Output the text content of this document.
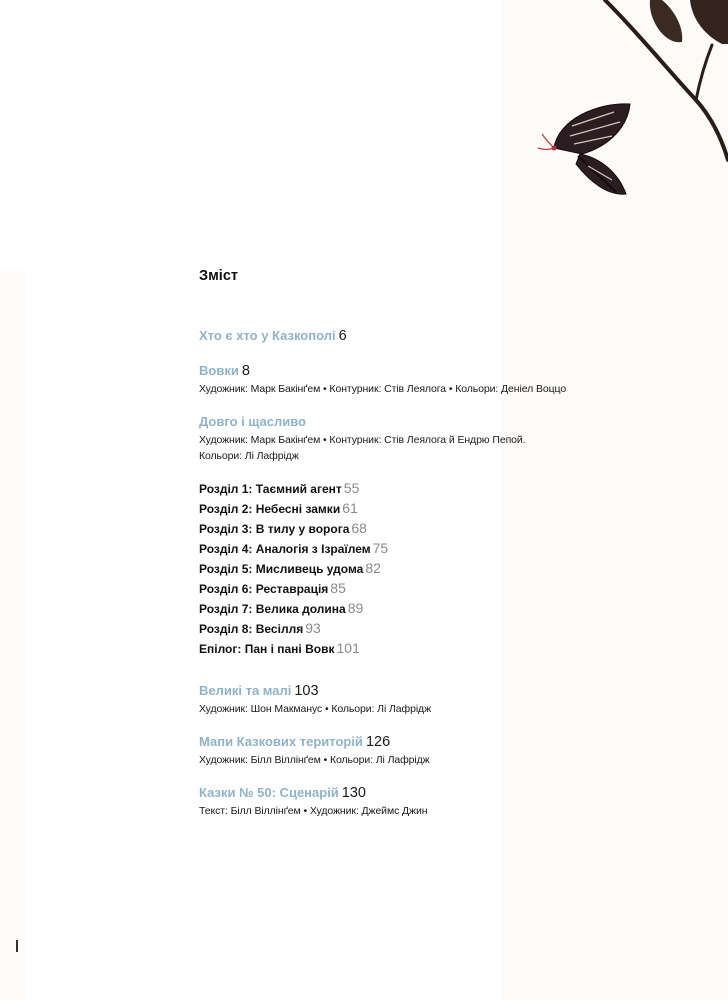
Зміст
Хто є хто у Казкополі 6
Вовки 8
Художник: Марк Бакінґем • Контурник: Стів Леялога • Кольори: Деніел Воццо
Довго і щасливо
Художник: Марк Бакінґем • Контурник: Стів Леялога й Ендрю Пепой.
Кольори: Лі Лафрідж
Розділ 1: Таємний агент 55
Розділ 2: Небесні замки 61
Розділ 3: В тилу у ворога 68
Розділ 4: Аналогія з Ізраїлем 75
Розділ 5: Мисливець удома 82
Розділ 6: Реставрація 85
Розділ 7: Велика долина 89
Розділ 8: Весілля 93
Епілог: Пан і пані Вовк 101
Великі та малі 103
Художник: Шон Макманус • Кольори: Лі Лафрідж
Мапи Казкових територій 126
Художник: Білл Віллінґем • Кольори: Лі Лафрідж
Казки № 50: Сценарій 130
Текст: Білл Віллінґем • Художник: Джеймс Джин
